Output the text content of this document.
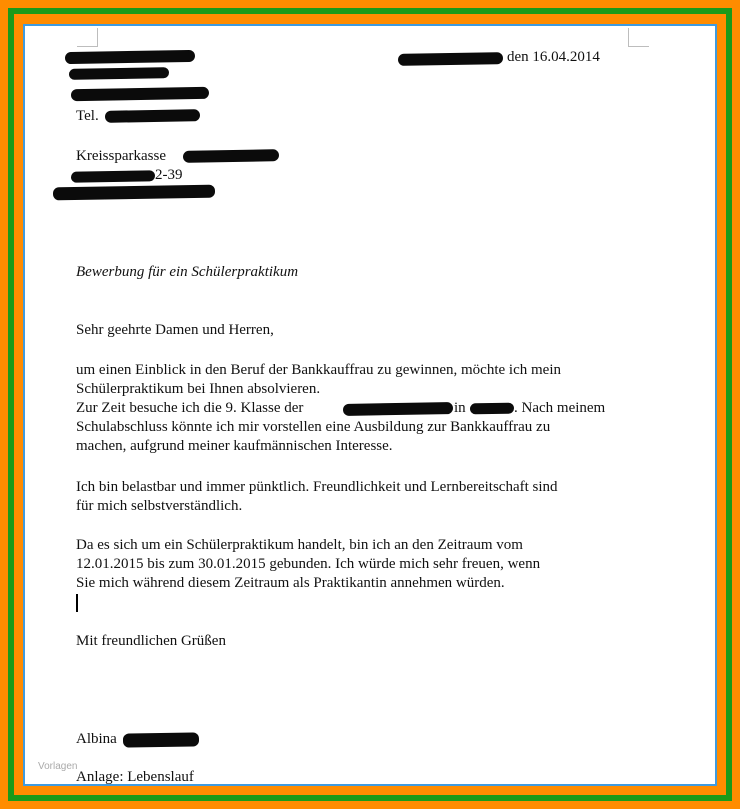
Tel.
den 16.04.2014
Kreissparkasse
2-39
Bewerbung für ein Schülerpraktikum
Sehr geehrte Damen und Herren,
um einen Einblick in den Beruf der Bankkauffrau zu gewinnen, möchte ich mein
Schülerpraktikum bei Ihnen absolvieren.
Zur Zeit besuche ich die 9. Klasse der	in	. Nach meinem
Schulabschluss könnte ich mir vorstellen eine Ausbildung zur Bankkauffrau zu
machen, aufgrund meiner kaufmännischen Interesse.
Ich bin belastbar und immer pünktlich. Freundlichkeit und Lernbereitschaft sind
für mich selbstverständlich.
Da es sich um ein Schülerpraktikum handelt, bin ich an den Zeitraum vom
12.01.2015 bis zum 30.01.2015 gebunden. Ich würde mich sehr freuen, wenn
Sie mich während diesem Zeitraum als Praktikantin annehmen würden.
Mit freundlichen Grüßen
Albina
Anlage: Lebenslauf
Vorlagen
